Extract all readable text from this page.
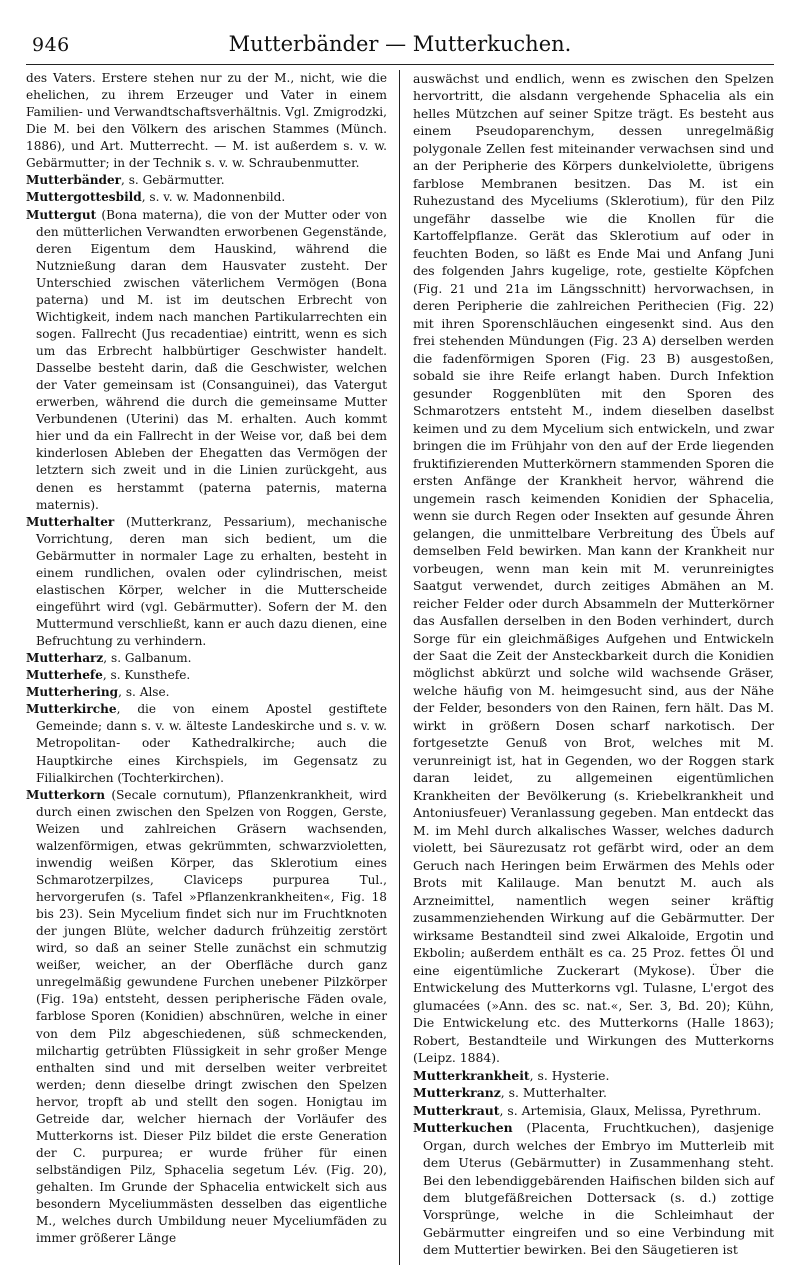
946	Mutterbänder — Mutterkuchen.

des Vaters. Erstere stehen nur zu der M., nicht, wie die ehelichen, zu ihrem Erzeuger und Vater in einem Familien- und Verwandtschaftsverhältnis. Vgl. Zmigrodzki, Die M. bei den Völkern des arischen Stammes (Münch. 1886), und Art. Mutterrecht. — M. ist außerdem s. v. w. Gebärmutter; in der Technik s. v. w. Schraubenmutter.

Mutterbänder, s. Gebärmutter.

Muttergottesbild, s. v. w. Madonnenbild.

Muttergut (Bona materna), die von der Mutter oder von den mütterlichen Verwandten erworbenen Gegenstände, deren Eigentum dem Hauskind, während die Nutznießung daran dem Hausvater zusteht. Der Unterschied zwischen väterlichem Vermögen (Bona paterna) und M. ist im deutschen Erbrecht von Wichtigkeit, indem nach manchen Partikularrechten ein sogen. Fallrecht (Jus recadentiae) eintritt, wenn es sich um das Erbrecht halbbürtiger Geschwister handelt. Dasselbe besteht darin, daß die Geschwister, welchen der Vater gemeinsam ist (Consanguinei), das Vatergut erwerben, während die durch die gemeinsame Mutter Verbundenen (Uterini) das M. erhalten. Auch kommt hier und da ein Fallrecht in der Weise vor, daß bei dem kinderlosen Ableben der Ehegatten das Vermögen der letztern sich zweit und in die Linien zurückgeht, aus denen es herstammt (paterna paternis, materna maternis).

Mutterhalter (Mutterkranz, Pessarium), mechanische Vorrichtung, deren man sich bedient, um die Gebärmutter in normaler Lage zu erhalten, besteht in einem rundlichen, ovalen oder cylindrischen, meist elastischen Körper, welcher in die Mutterscheide eingeführt wird (vgl. Gebärmutter). Sofern der M. den Muttermund verschließt, kann er auch dazu dienen, eine Befruchtung zu verhindern.

Mutterharz, s. Galbanum.

Mutterhefe, s. Kunsthefe.

Mutterhering, s. Alse.

Mutterkirche, die von einem Apostel gestiftete Gemeinde; dann s. v. w. älteste Landeskirche und s. v. w. Metropolitan- oder Kathedralkirche; auch die Hauptkirche eines Kirchspiels, im Gegensatz zu Filialkirchen (Tochterkirchen).

Mutterkorn (Secale cornutum), Pflanzenkrankheit, wird durch einen zwischen den Spelzen von Roggen, Gerste, Weizen und zahlreichen Gräsern wachsenden, walzenförmigen, etwas gekrümmten, schwarzvioletten, inwendig weißen Körper, das Sklerotium eines Schmarotzerpilzes, Claviceps purpurea Tul., hervorgerufen (s. Tafel »Pflanzenkrankheiten«, Fig. 18 bis 23). Sein Mycelium findet sich nur im Fruchtknoten der jungen Blüte, welcher dadurch frühzeitig zerstört wird, so daß an seiner Stelle zunächst ein schmutzig weißer, weicher, an der Oberfläche durch ganz unregelmäßig gewundene Furchen unebener Pilzkörper (Fig. 19a) entsteht, dessen peripherische Fäden ovale, farblose Sporen (Konidien) abschnüren, welche in einer von dem Pilz abgeschiedenen, süß schmeckenden, milchartig getrübten Flüssigkeit in sehr großer Menge enthalten sind und mit derselben weiter verbreitet werden; denn dieselbe dringt zwischen den Spelzen hervor, tropft ab und stellt den sogen. Honigtau im Getreide dar, welcher hiernach der Vorläufer des Mutterkorns ist. Dieser Pilz bildet die erste Generation der C. purpurea; er wurde früher für einen selbständigen Pilz, Sphacelia segetum Lév. (Fig. 20), gehalten. Im Grunde der Sphacelia entwickelt sich aus besondern Myceliummästen desselben das eigentliche M., welches durch Umbildung neuer Myceliumfäden zu immer größerer Länge

auswächst und endlich, wenn es zwischen den Spelzen hervortritt, die alsdann vergehende Sphacelia als ein helles Mützchen auf seiner Spitze trägt. Es besteht aus einem Pseudoparenchym, dessen unregelmäßig polygonale Zellen fest miteinander verwachsen sind und an der Peripherie des Körpers dunkelviolette, übrigens farblose Membranen besitzen. Das M. ist ein Ruhezustand des Myceliums (Sklerotium), für den Pilz ungefähr dasselbe wie die Knollen für die Kartoffelpflanze. Gerät das Sklerotium auf oder in feuchten Boden, so läßt es Ende Mai und Anfang Juni des folgenden Jahrs kugelige, rote, gestielte Köpfchen (Fig. 21 und 21a im Längsschnitt) hervorwachsen, in deren Peripherie die zahlreichen Perithecien (Fig. 22) mit ihren Sporenschläuchen eingesenkt sind. Aus den frei stehenden Mündungen (Fig. 23 A) derselben werden die fadenförmigen Sporen (Fig. 23 B) ausgestoßen, sobald sie ihre Reife erlangt haben. Durch Infektion gesunder Roggenblüten mit den Sporen des Schmarotzers entsteht M., indem dieselben daselbst keimen und zu dem Mycelium sich entwickeln, und zwar bringen die im Frühjahr von den auf der Erde liegenden fruktifizierenden Mutterkörnern stammenden Sporen die ersten Anfänge der Krankheit hervor, während die ungemein rasch keimenden Konidien der Sphacelia, wenn sie durch Regen oder Insekten auf gesunde Ähren gelangen, die unmittelbare Verbreitung des Übels auf demselben Feld bewirken. Man kann der Krankheit nur vorbeugen, wenn man kein mit M. verunreinigtes Saatgut verwendet, durch zeitiges Abmähen an M. reicher Felder oder durch Absammeln der Mutterkörner das Ausfallen derselben in den Boden verhindert, durch Sorge für ein gleichmäßiges Aufgehen und Entwickeln der Saat die Zeit der Ansteckbarkeit durch die Konidien möglichst abkürzt und solche wild wachsende Gräser, welche häufig von M. heimgesucht sind, aus der Nähe der Felder, besonders von den Rainen, fern hält. Das M. wirkt in größern Dosen scharf narkotisch. Der fortgesetzte Genuß von Brot, welches mit M. verunreinigt ist, hat in Gegenden, wo der Roggen stark daran leidet, zu allgemeinen eigentümlichen Krankheiten der Bevölkerung (s. Kriebelkrankheit und Antoniusfeuer) Veranlassung gegeben. Man entdeckt das M. im Mehl durch alkalisches Wasser, welches dadurch violett, bei Säurezusatz rot gefärbt wird, oder an dem Geruch nach Heringen beim Erwärmen des Mehls oder Brots mit Kalilauge. Man benutzt M. auch als Arzneimittel, namentlich wegen seiner kräftig zusammenziehenden Wirkung auf die Gebärmutter. Der wirksame Bestandteil sind zwei Alkaloide, Ergotin und Ekbolin; außerdem enthält es ca. 25 Proz. fettes Öl und eine eigentümliche Zuckerart (Mykose). Über die Entwickelung des Mutterkorns vgl. Tulasne, L'ergot des glumacées (»Ann. des sc. nat.«, Ser. 3, Bd. 20); Kühn, Die Entwickelung etc. des Mutterkorns (Halle 1863); Robert, Bestandteile und Wirkungen des Mutterkorns (Leipz. 1884).

Mutterkrankheit, s. Hysterie.

Mutterkranz, s. Mutterhalter.

Mutterkraut, s. Artemisia, Glaux, Melissa, Pyrethrum.

Mutterkuchen (Placenta, Fruchtkuchen), dasjenige Organ, durch welches der Embryo im Mutterleib mit dem Uterus (Gebärmutter) in Zusammenhang steht. Bei den lebendiggebärenden Haifischen bilden sich auf dem blutgefäßreichen Dottersack (s. d.) zottige Vorsprünge, welche in die Schleimhaut der Gebärmutter eingreifen und so eine Verbindung mit dem Muttertier bewirken. Bei den Säugetieren ist
